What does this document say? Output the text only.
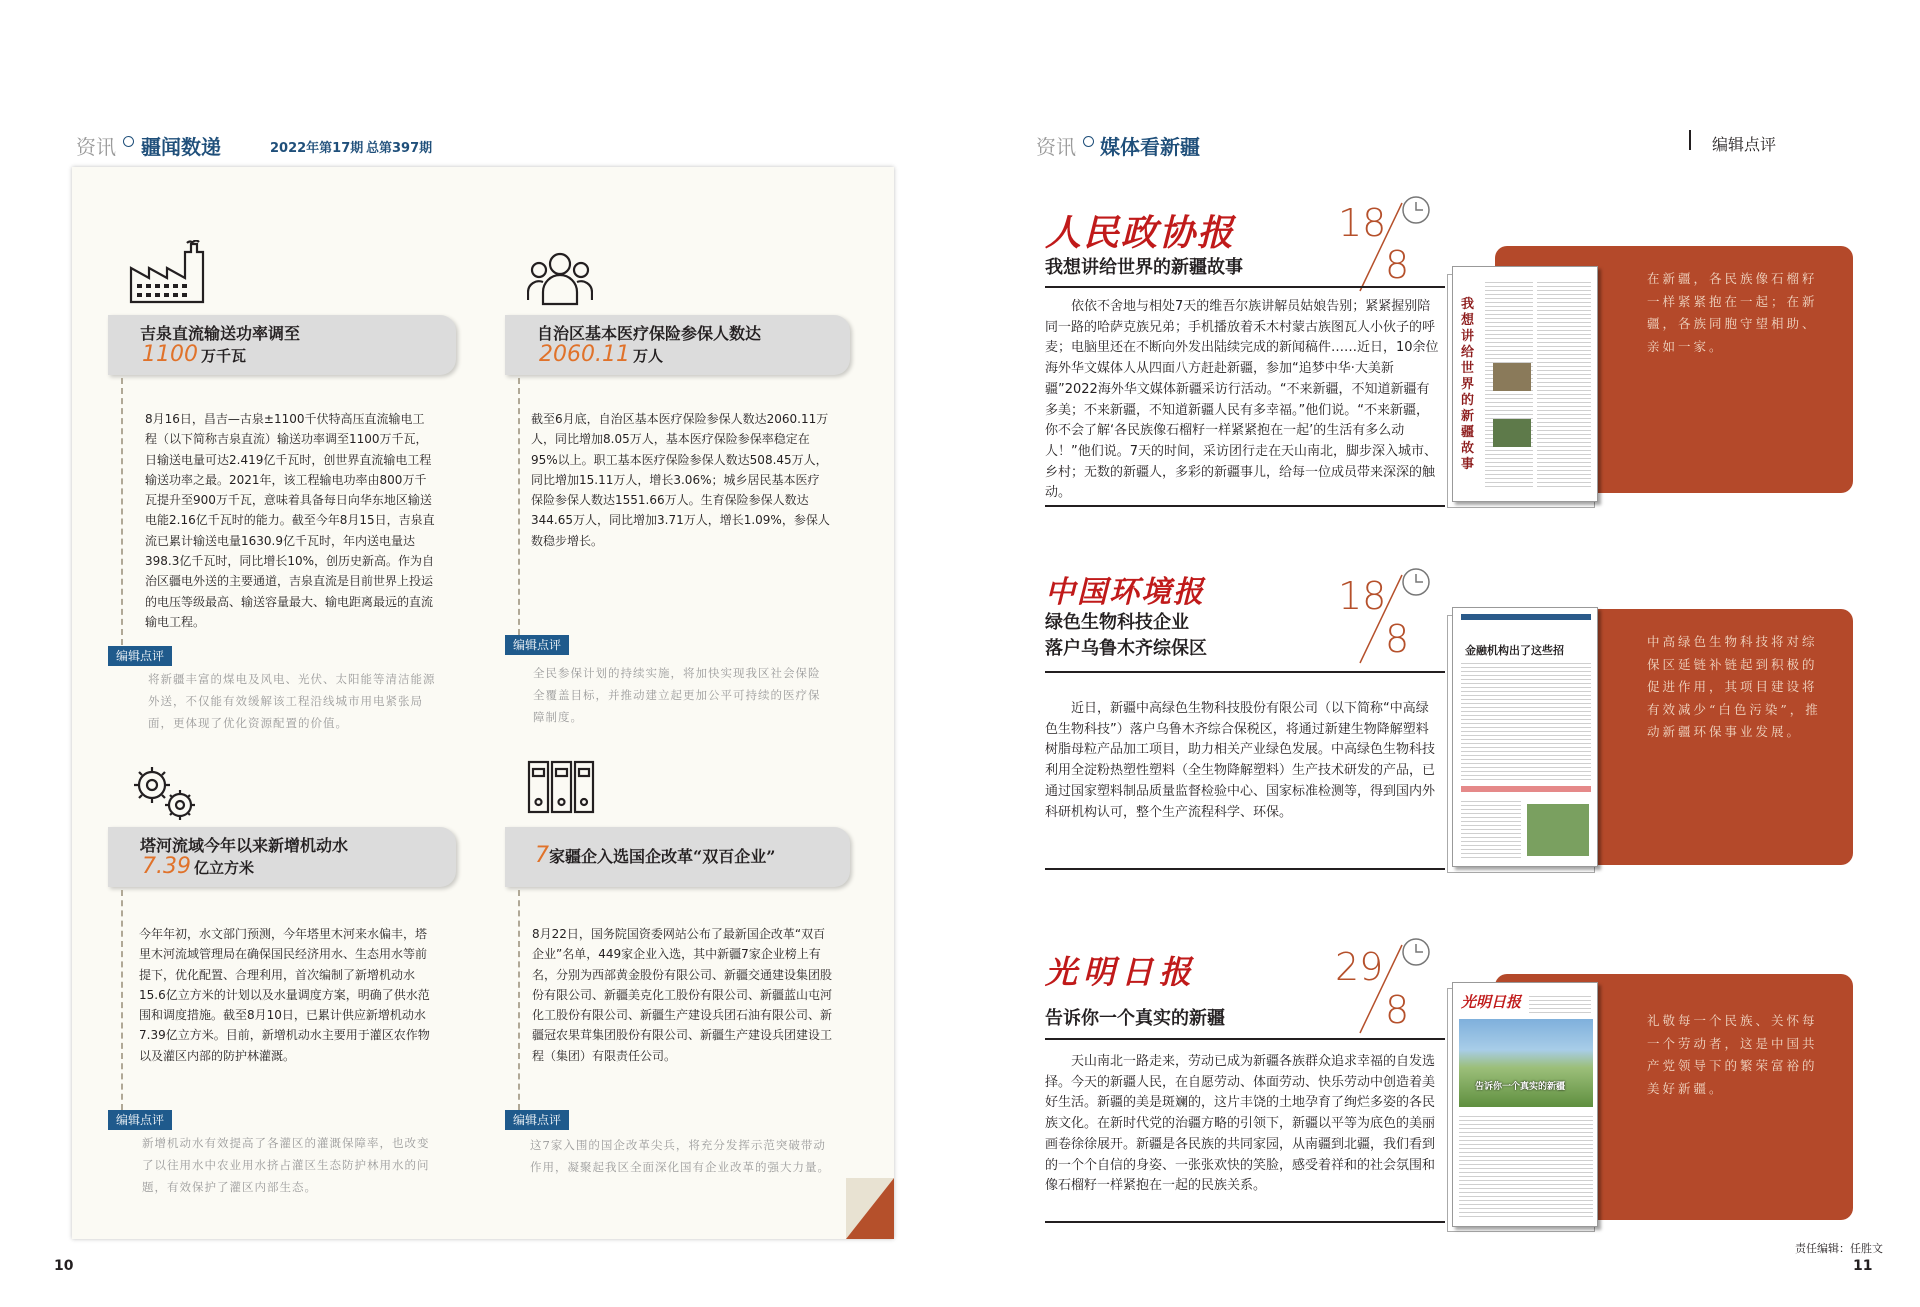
资讯 疆闻数递	2022年第17期 总第397期
吉泉直流输送功率调至
1100 万千瓦
8月16日，昌吉—古泉±1100千伏特高压直流输电工程（以下简称吉泉直流）输送功率调至1100万千瓦，日输送电量可达2.419亿千瓦时，创世界直流输电工程输送功率之最。2021年，该工程输电功率由800万千瓦提升至900万千瓦，意味着具备每日向华东地区输送电能2.16亿千瓦时的能力。截至今年8月15日，吉泉直流已累计输送电量1630.9亿千瓦时，年内送电量达398.3亿千瓦时，同比增长10%，创历史新高。作为自治区疆电外送的主要通道，吉泉直流是目前世界上投运的电压等级最高、输送容量最大、输电距离最远的直流输电工程。
编辑点评
将新疆丰富的煤电及风电、光伏、太阳能等清洁能源外送，不仅能有效缓解该工程沿线城市用电紧张局面，更体现了优化资源配置的价值。
自治区基本医疗保险参保人数达
2060.11 万人
截至6月底，自治区基本医疗保险参保人数达2060.11万人，同比增加8.05万人，基本医疗保险参保率稳定在95%以上。职工基本医疗保险参保人数达508.45万人，同比增加15.11万人，增长3.06%；城乡居民基本医疗保险参保人数达1551.66万人。生育保险参保人数达344.65万人，同比增加3.71万人，增长1.09%，参保人数稳步增长。
编辑点评
全民参保计划的持续实施，将加快实现我区社会保险全覆盖目标，并推动建立起更加公平可持续的医疗保障制度。
塔河流域今年以来新增机动水
7.39 亿立方米
今年年初，水文部门预测，今年塔里木河来水偏丰，塔里木河流域管理局在确保国民经济用水、生态用水等前提下，优化配置、合理利用，首次编制了新增机动水15.6亿立方米的计划以及水量调度方案，明确了供水范围和调度措施。截至8月10日，已累计供应新增机动水7.39亿立方米。目前，新增机动水主要用于灌区农作物以及灌区内部的防护林灌溉。
编辑点评
新增机动水有效提高了各灌区的灌溉保障率，也改变了以往用水中农业用水挤占灌区生态防护林用水的问题，有效保护了灌区内部生态。
7家疆企入选国企改革“双百企业”
8月22日，国务院国资委网站公布了最新国企改革“双百企业”名单，449家企业入选，其中新疆7家企业榜上有名，分别为西部黄金股份有限公司、新疆交通建设集团股份有限公司、新疆美克化工股份有限公司、新疆蓝山屯河化工股份有限公司、新疆生产建设兵团石油有限公司、新疆冠农果茸集团股份有限公司、新疆生产建设兵团建设工程（集团）有限责任公司。
编辑点评
这7家入围的国企改革尖兵，将充分发挥示范突破带动作用，凝聚起我区全面深化国有企业改革的强大力量。
10
资讯 媒体看新疆	编辑点评
人民政协报	18
8
我想讲给世界的新疆故事
依依不舍地与相处7天的维吾尔族讲解员姑娘告别；紧紧握别陪同一路的哈萨克族兄弟；手机播放着禾木村蒙古族图瓦人小伙子的呼麦；电脑里还在不断向外发出陆续完成的新闻稿件……近日，10余位海外华文媒体人从四面八方赶赴新疆，参加“追梦中华·大美新疆”2022海外华文媒体新疆采访行活动。“不来新疆，不知道新疆有多美；不来新疆，不知道新疆人民有多幸福。”他们说。“不来新疆，你不会了解‘各民族像石榴籽一样紧紧抱在一起’的生活有多么动人！”他们说。7天的时间，采访团行走在天山南北，脚步深入城市、乡村；无数的新疆人，多彩的新疆事儿，给每一位成员带来深深的触动。
在新疆，各民族像石榴籽一样紧紧抱在一起；在新疆，各族同胞守望相助、亲如一家。
我想讲给世界的新疆故事
中国环境报	18
8
绿色生物科技企业
落户乌鲁木齐综保区
近日，新疆中高绿色生物科技股份有限公司（以下简称“中高绿色生物科技”）落户乌鲁木齐综合保税区，将通过新建生物降解塑料树脂母粒产品加工项目，助力相关产业绿色发展。中高绿色生物科技利用全淀粉热塑性塑料（全生物降解塑料）生产技术研发的产品，已通过国家塑料制品质量监督检验中心、国家标准检测等，得到国内外科研机构认可，整个生产流程科学、环保。
中高绿色生物科技将对综保区延链补链起到积极的促进作用，其项目建设将有效减少“白色污染”，推动新疆环保事业发展。
金融机构出了这些招
光明日报	29
8
告诉你一个真实的新疆
天山南北一路走来，劳动已成为新疆各族群众追求幸福的自发选择。今天的新疆人民，在自愿劳动、体面劳动、快乐劳动中创造着美好生活。新疆的美是斑斓的，这片丰饶的土地孕育了绚烂多姿的各民族文化。在新时代党的治疆方略的引领下，新疆以平等为底色的美丽画卷徐徐展开。新疆是各民族的共同家园，从南疆到北疆，我们看到的一个个自信的身姿、一张张欢快的笑脸，感受着祥和的社会氛围和像石榴籽一样紧抱在一起的民族关系。
礼敬每一个民族、关怀每一个劳动者，这是中国共产党领导下的繁荣富裕的美好新疆。
光明日报
告诉你一个真实的新疆
责任编辑：任胜文
11
